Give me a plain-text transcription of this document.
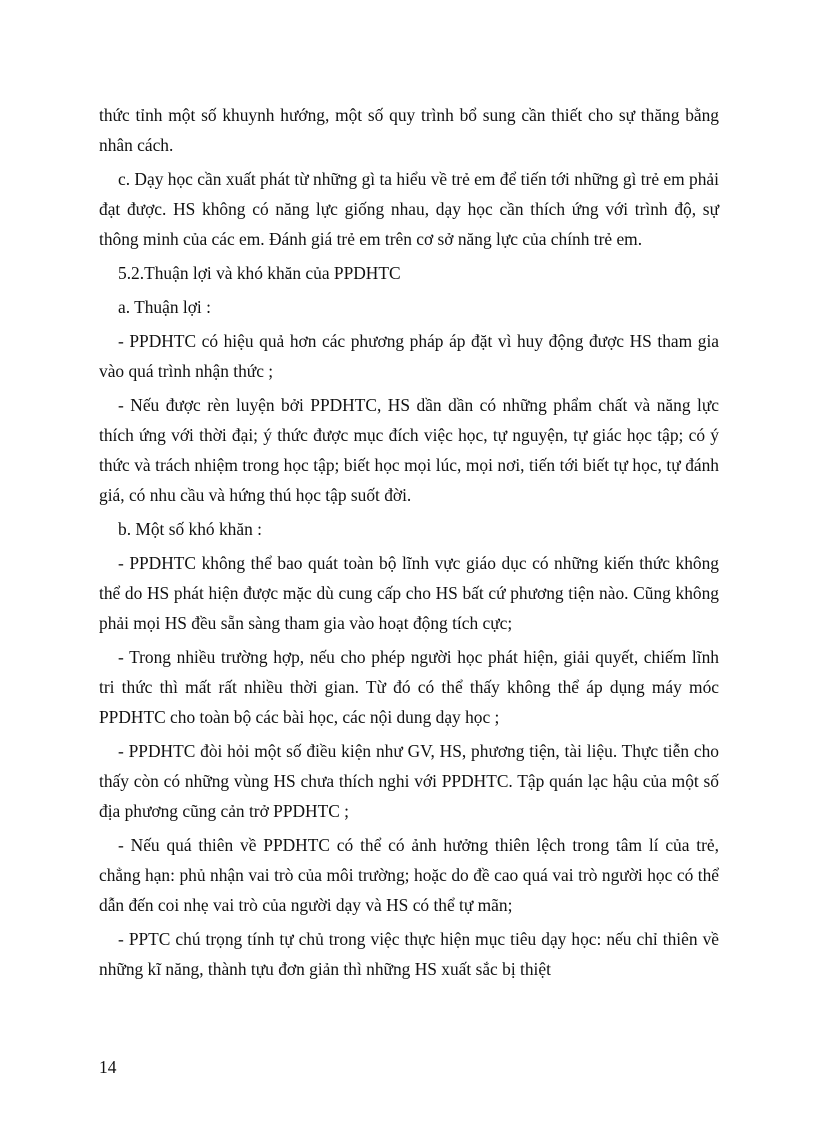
thức tỉnh một số khuynh hướng, một số quy trình bổ sung cần thiết cho sự thăng bằng nhân cách.

c. Dạy học cần xuất phát từ những gì ta hiểu về trẻ em để tiến tới những gì trẻ em phải đạt được. HS không có năng lực giống nhau, dạy học cần thích ứng với trình độ, sự thông minh của các em. Đánh giá trẻ em trên cơ sở năng lực của chính trẻ em.

5.2.Thuận lợi và khó khăn của PPDHTC

a. Thuận lợi :

- PPDHTC có hiệu quả hơn các phương pháp áp đặt vì huy động được HS tham gia vào quá trình nhận thức ;

- Nếu được rèn luyện bởi PPDHTC, HS dần dần có những phẩm chất và năng lực thích ứng với thời đại; ý thức được mục đích việc học, tự nguyện, tự giác học tập; có ý thức và trách nhiệm trong học tập; biết học mọi lúc, mọi nơi, tiến tới biết tự học, tự đánh giá, có nhu cầu và hứng thú học tập suốt đời.

b. Một số khó khăn :

- PPDHTC không thể bao quát toàn bộ lĩnh vực giáo dục có những kiến thức không thể do HS phát hiện được mặc dù cung cấp cho HS bất cứ phương tiện nào. Cũng không phải mọi HS đều sẵn sàng tham gia vào hoạt động tích cực;

- Trong nhiều trường hợp, nếu cho phép người học phát hiện, giải quyết, chiếm lĩnh tri thức thì mất rất nhiều thời gian. Từ đó có thể thấy không thể áp dụng máy móc PPDHTC cho toàn bộ các bài học, các nội dung dạy học ;

- PPDHTC đòi hỏi một số điều kiện như GV, HS, phương tiện, tài liệu. Thực tiễn cho thấy còn có những vùng HS chưa thích nghi với PPDHTC. Tập quán lạc hậu của một số địa phương cũng cản trở PPDHTC ;

- Nếu quá thiên về PPDHTC có thể có ảnh hưởng thiên lệch trong tâm lí của trẻ, chẳng hạn: phủ nhận vai trò của môi trường; hoặc do đề cao quá vai trò người học có thể dẫn đến coi nhẹ vai trò của người dạy và HS có thể tự mãn;

- PPTC chú trọng tính tự chủ trong việc thực hiện mục tiêu dạy học: nếu chỉ thiên về những kĩ năng, thành tựu đơn giản thì những HS xuất sắc bị thiệt

14
